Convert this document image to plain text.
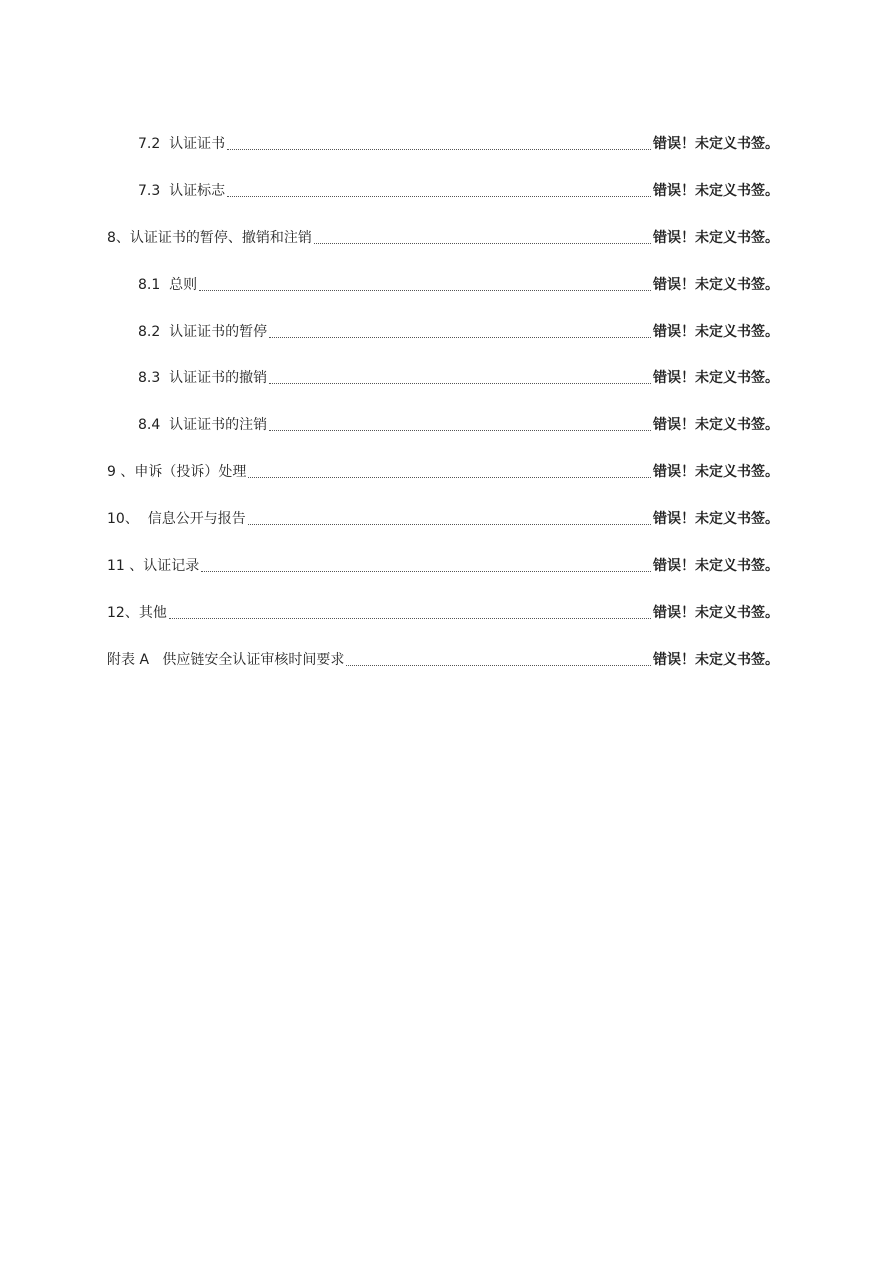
7.2  认证证书	错误！未定义书签。
7.3  认证标志	错误！未定义书签。
8、认证证书的暂停、撤销和注销	错误！未定义书签。
8.1  总则	错误！未定义书签。
8.2  认证证书的暂停	错误！未定义书签。
8.3  认证证书的撤销	错误！未定义书签。
8.4  认证证书的注销	错误！未定义书签。
9 、申诉（投诉）处理	错误！未定义书签。
10、  信息公开与报告	错误！未定义书签。
11 、认证记录	错误！未定义书签。
12、其他	错误！未定义书签。
附表 A   供应链安全认证审核时间要求	错误！未定义书签。
